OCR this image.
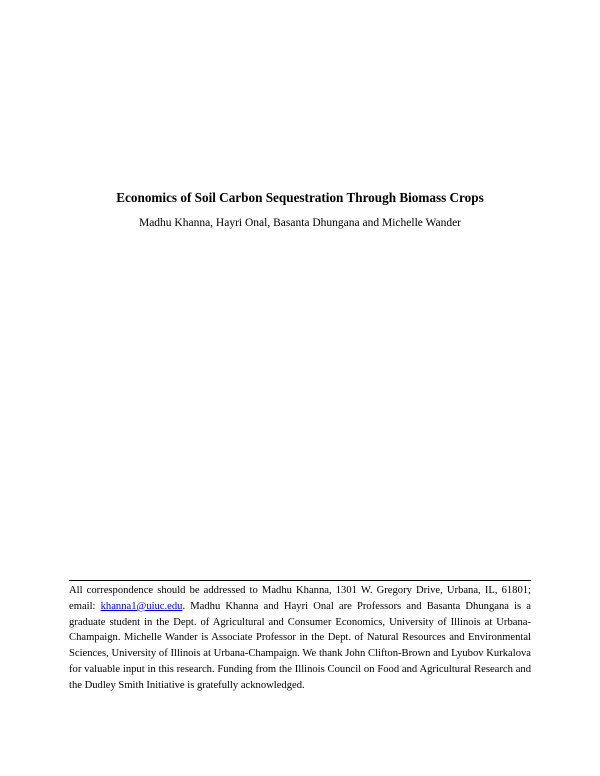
Economics of Soil Carbon Sequestration Through Biomass Crops
Madhu Khanna, Hayri Onal, Basanta Dhungana and Michelle Wander
All correspondence should be addressed to Madhu Khanna, 1301 W. Gregory Drive, Urbana, IL, 61801; email: khanna1@uiuc.edu. Madhu Khanna and Hayri Onal are Professors and Basanta Dhungana is a graduate student in the Dept. of Agricultural and Consumer Economics, University of Illinois at Urbana-Champaign. Michelle Wander is Associate Professor in the Dept. of Natural Resources and Environmental Sciences, University of Illinois at Urbana-Champaign. We thank John Clifton-Brown and Lyubov Kurkalova for valuable input in this research. Funding from the Illinois Council on Food and Agricultural Research and the Dudley Smith Initiative is gratefully acknowledged.
